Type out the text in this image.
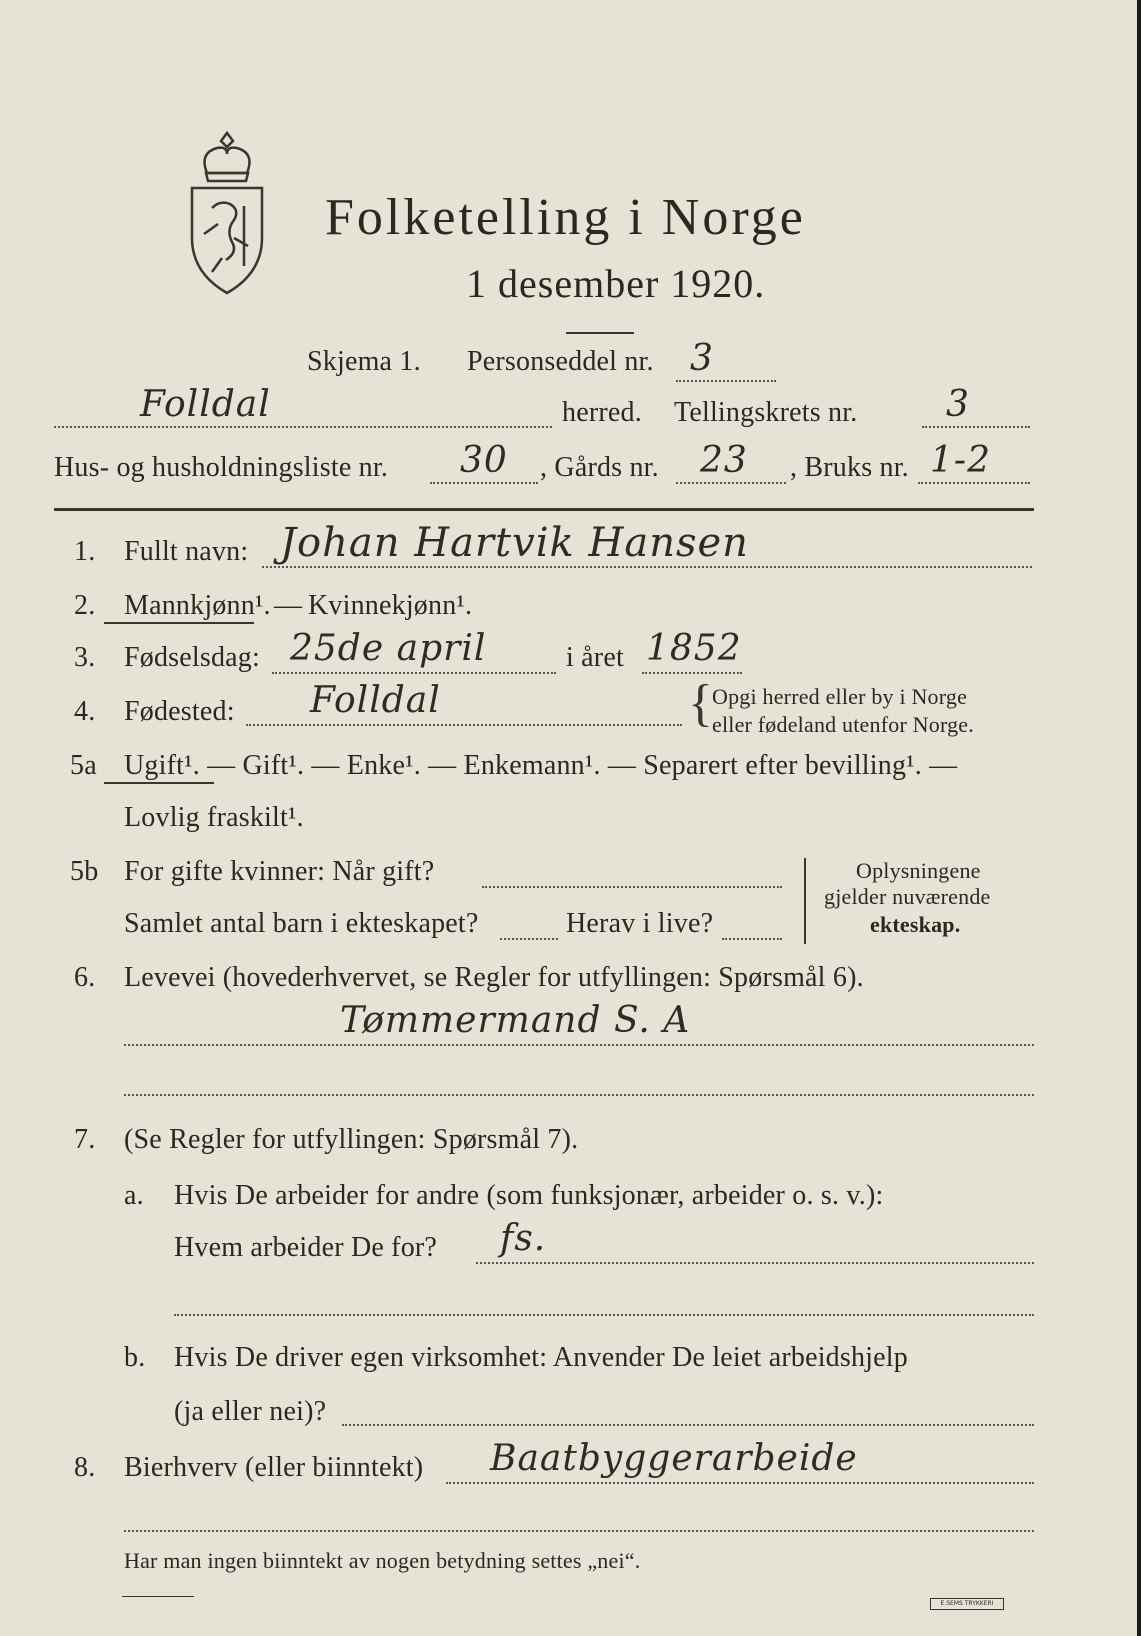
Folketelling i Norge
1 desember 1920.
Skjema 1. Personseddel nr. 3
Folldal	herred. Tellingskrets nr. 3
Hus- og husholdningsliste nr. 30 , Gårds nr. 23 , Bruks nr. 1-2
1. Fullt navn: Johan Hartvik Hansen
2. Mannkjønn¹. — Kvinnekjønn¹.
3. Fødselsdag: 25de april	i året 1852
4. Fødested: Folldal	{ Opgi herred eller by i Norge
eller fødeland utenfor Norge.
5a Ugift¹. — Gift¹. — Enke¹. — Enkemann¹. — Separert efter bevilling¹. —
Lovlig fraskilt¹.
5b For gifte kvinner: Når gift?
Samlet antal barn i ekteskapet?	Herav i live?
Oplysningene
gjelder nuværende
ekteskap.
6. Levevei (hovederhvervet, se Regler for utfyllingen: Spørsmål 6).
Tømmermand S. A
7. (Se Regler for utfyllingen: Spørsmål 7).
a. Hvis De arbeider for andre (som funksjonær, arbeider o. s. v.):
Hvem arbeider De for? fs.
b. Hvis De driver egen virksomhet: Anvender De leiet arbeidshjelp
(ja eller nei)?
8. Bierhverv (eller biinntekt) Baatbyggerarbeide
Har man ingen biinntekt av nogen betydning settes „nei“.
E.SEMS TRYKKERI
